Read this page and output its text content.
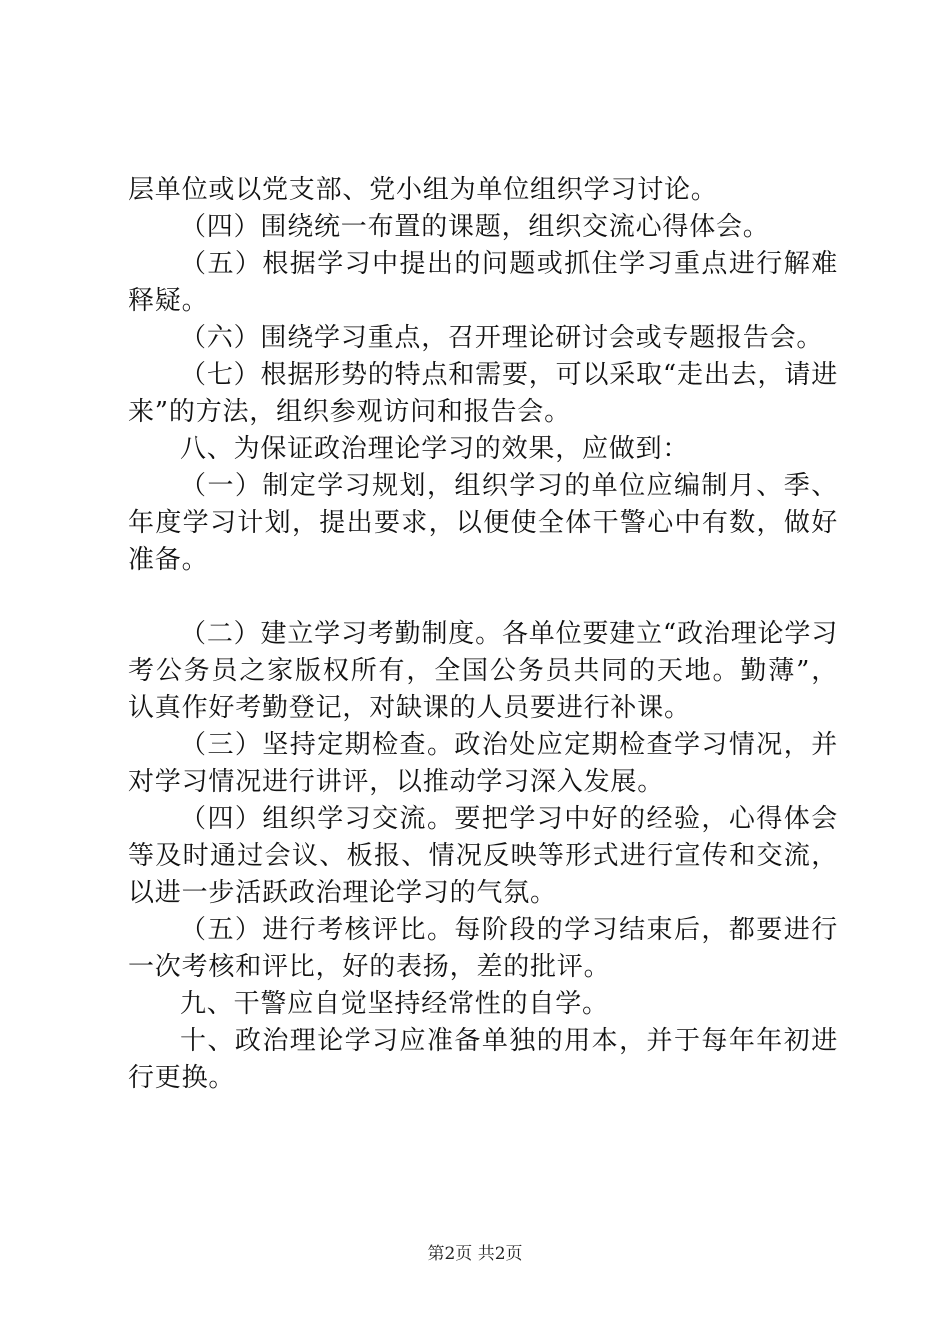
层单位或以党支部、党小组为单位组织学习讨论。

（四）围绕统一布置的课题，组织交流心得体会。

（五）根据学习中提出的问题或抓住学习重点进行解难释疑。

（六）围绕学习重点，召开理论研讨会或专题报告会。

（七）根据形势的特点和需要，可以采取“走出去，请进来”的方法，组织参观访问和报告会。

八、为保证政治理论学习的效果，应做到：

（一）制定学习规划，组织学习的单位应编制月、季、年度学习计划，提出要求，以便使全体干警心中有数，做好准备。

（二）建立学习考勤制度。各单位要建立“政治理论学习考公务员之家版权所有，全国公务员共同的天地。勤薄”，认真作好考勤登记，对缺课的人员要进行补课。

（三）坚持定期检查。政治处应定期检查学习情况，并对学习情况进行讲评，以推动学习深入发展。

（四）组织学习交流。要把学习中好的经验，心得体会等及时通过会议、板报、情况反映等形式进行宣传和交流，以进一步活跃政治理论学习的气氛。

（五）进行考核评比。每阶段的学习结束后，都要进行一次考核和评比，好的表扬，差的批评。

九、干警应自觉坚持经常性的自学。

十、政治理论学习应准备单独的用本，并于每年年初进行更换。

第2页 共2页
